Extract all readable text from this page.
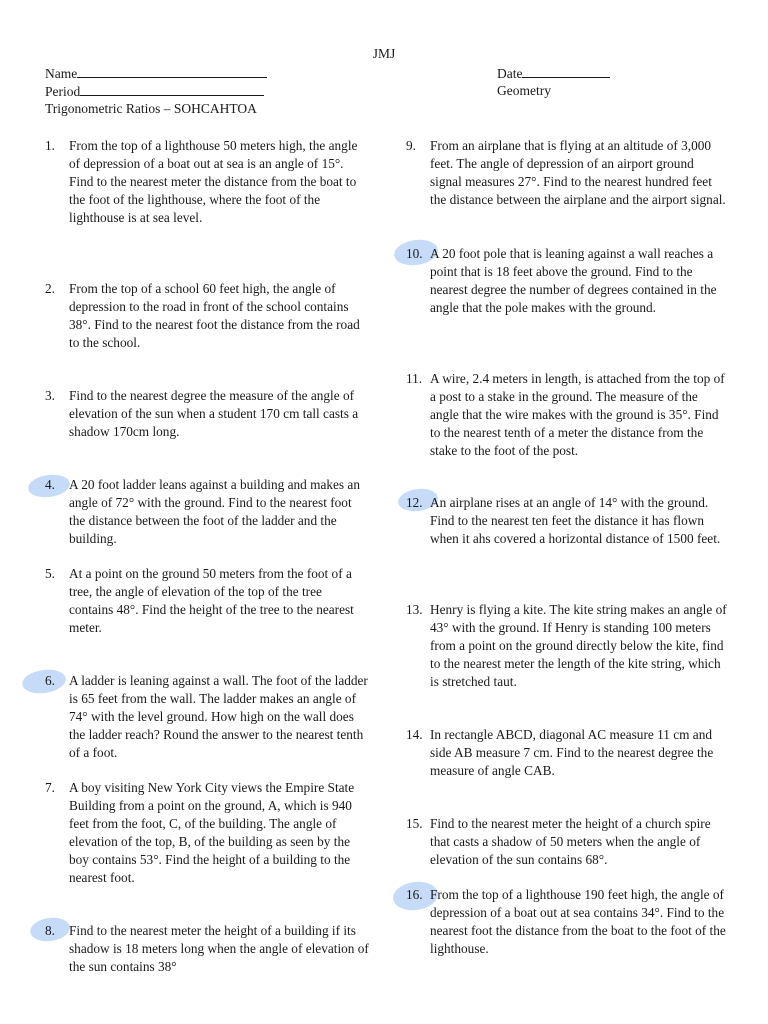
JMJ
Name
Period
Trigonometric Ratios – SOHCAHTOA
Date
Geometry
1. From the top of a lighthouse 50 meters high, the angle of depression of a boat out at sea is an angle of 15°. Find to the nearest meter the distance from the boat to the foot of the lighthouse, where the foot of the lighthouse is at sea level.
2. From the top of a school 60 feet high, the angle of depression to the road in front of the school contains 38°. Find to the nearest foot the distance from the road to the school.
3. Find to the nearest degree the measure of the angle of elevation of the sun when a student 170 cm tall casts a shadow 170cm long.
4. A 20 foot ladder leans against a building and makes an angle of 72° with the ground. Find to the nearest foot the distance between the foot of the ladder and the building.
5. At a point on the ground 50 meters from the foot of a tree, the angle of elevation of the top of the tree contains 48°. Find the height of the tree to the nearest meter.
6. A ladder is leaning against a wall. The foot of the ladder is 65 feet from the wall. The ladder makes an angle of 74° with the level ground. How high on the wall does the ladder reach? Round the answer to the nearest tenth of a foot.
7. A boy visiting New York City views the Empire State Building from a point on the ground, A, which is 940 feet from the foot, C, of the building. The angle of elevation of the top, B, of the building as seen by the boy contains 53°. Find the height of a building to the nearest foot.
8. Find to the nearest meter the height of a building if its shadow is 18 meters long when the angle of elevation of the sun contains 38°
9. From an airplane that is flying at an altitude of 3,000 feet. The angle of depression of an airport ground signal measures 27°. Find to the nearest hundred feet the distance between the airplane and the airport signal.
10. A 20 foot pole that is leaning against a wall reaches a point that is 18 feet above the ground. Find to the nearest degree the number of degrees contained in the angle that the pole makes with the ground.
11. A wire, 2.4 meters in length, is attached from the top of a post to a stake in the ground. The measure of the angle that the wire makes with the ground is 35°. Find to the nearest tenth of a meter the distance from the stake to the foot of the post.
12. An airplane rises at an angle of 14° with the ground. Find to the nearest ten feet the distance it has flown when it ahs covered a horizontal distance of 1500 feet.
13. Henry is flying a kite. The kite string makes an angle of 43° with the ground. If Henry is standing 100 meters from a point on the ground directly below the kite, find to the nearest meter the length of the kite string, which is stretched taut.
14. In rectangle ABCD, diagonal AC measure 11 cm and side AB measure 7 cm. Find to the nearest degree the measure of angle CAB.
15. Find to the nearest meter the height of a church spire that casts a shadow of 50 meters when the angle of elevation of the sun contains 68°.
16. From the top of a lighthouse 190 feet high, the angle of depression of a boat out at sea contains 34°. Find to the nearest foot the distance from the boat to the foot of the lighthouse.
